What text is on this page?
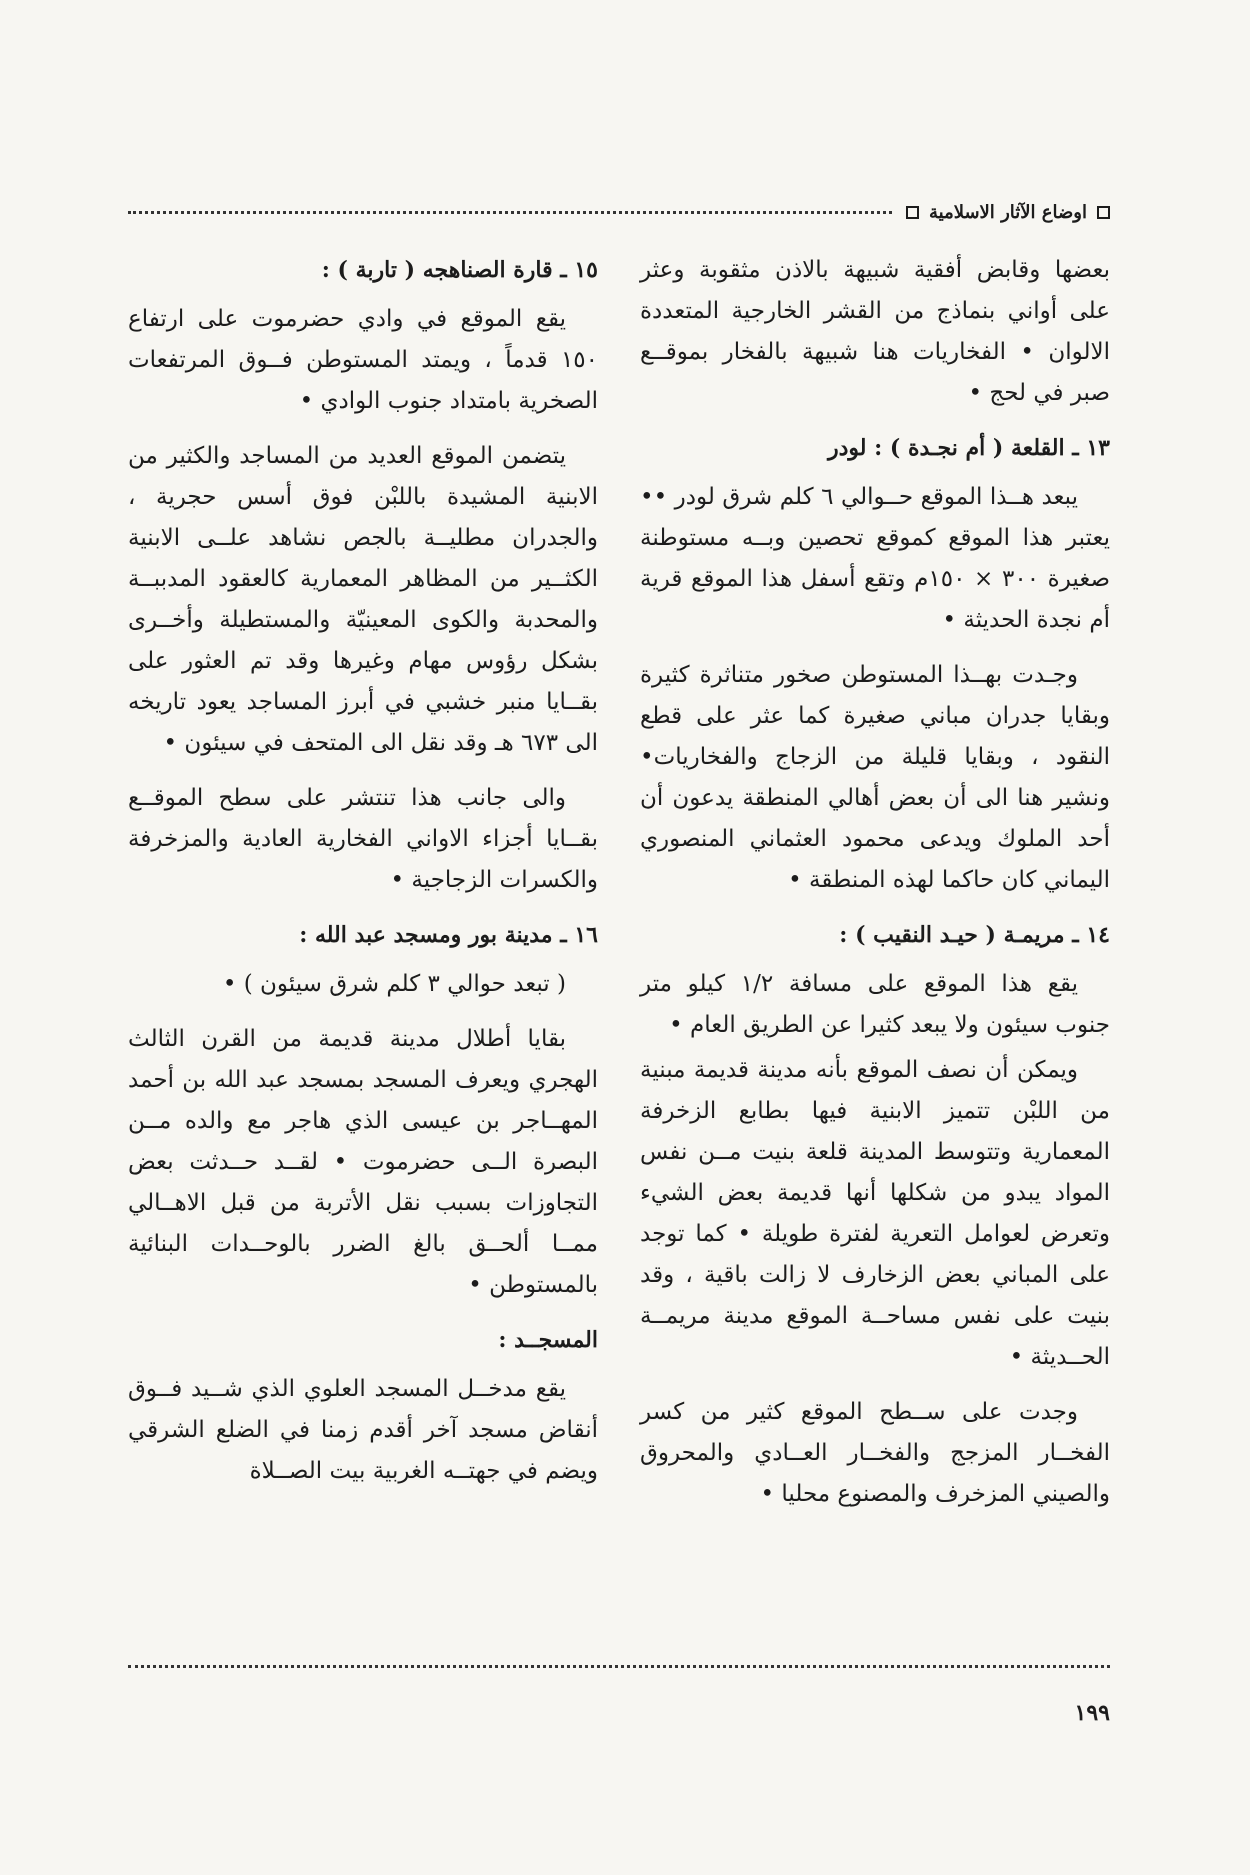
اوضاع الآثار الاسلامية

بعضها وقابض أفقية شبيهة بالاذن مثقوبة وعثر على أواني بنماذج من القشر الخارجية المتعددة الالوان • الفخاريات هنا شبيهة بالفخار بموقــع صبر في لحج •

١٣ ـ القلعة ( أم نجـدة ) : لودر

يبعد هــذا الموقع حــوالي ٦ كلم شرق لودر •• يعتبر هذا الموقع كموقع تحصين وبــه مستوطنة صغيرة ٣٠٠ × ١٥٠م وتقع أسفل هذا الموقع قرية أم نجدة الحديثة •

وجـدت بهــذا المستوطن صخور متناثرة كثيرة وبقايا جدران مباني صغيرة كما عثر على قطع النقود ، وبقايا قليلة من الزجاج والفخاريات• ونشير هنا الى أن بعض أهالي المنطقة يدعون أن أحد الملوك ويدعى محمود العثماني المنصوري اليماني كان حاكما لهذه المنطقة •

١٤ ـ مريمـة ( حيـد النقيب ) :

يقع هذا الموقع على مسافة ١/٢ كيلو متر جنوب سيئون ولا يبعد كثيرا عن الطريق العام •

ويمكن أن نصف الموقع بأنه مدينة قديمة مبنية من اللبْن تتميز الابنية فيها بطابع الزخرفة المعمارية وتتوسط المدينة قلعة بنيت مــن نفس المواد يبدو من شكلها أنها قديمة بعض الشيء وتعرض لعوامل التعرية لفترة طويلة • كما توجد على المباني بعض الزخارف لا زالت باقية ، وقد بنيت على نفس مساحــة الموقع مدينة مريمــة الحــديثة •

وجدت على ســطح الموقع كثير من كسر الفخــار المزجج والفخــار العــادي والمحروق والصيني المزخرف والمصنوع محليا •

١٥ ـ قارة الصناهجه ( تاربة ) :

يقع الموقع في وادي حضرموت على ارتفاع ١٥٠ قدماً ، ويمتد المستوطن فــوق المرتفعات الصخرية بامتداد جنوب الوادي •

يتضمن الموقع العديد من المساجد والكثير من الابنية المشيدة باللبْن فوق أسس حجرية ، والجدران مطليــة بالجص نشاهد علــى الابنية الكثــير من المظاهر المعمارية كالعقود المدببــة والمحدبة والكوى المعينيّة والمستطيلة وأخــرى بشكل رؤوس مهام وغيرها وقد تم العثور على بقــايا منبر خشبي في أبرز المساجد يعود تاريخه الى ٦٧٣ هـ وقد نقل الى المتحف في سيئون •

والى جانب هذا تنتشر على سطح الموقــع بقــايا أجزاء الاواني الفخارية العادية والمزخرفة والكسرات الزجاجية •

١٦ ـ مدينة بور ومسجد عبد الله :

( تبعد حوالي ٣ كلم شرق سيئون ) •

بقايا أطلال مدينة قديمة من القرن الثالث الهجري ويعرف المسجد بمسجد عبد الله بن أحمد المهــاجر بن عيسى الذي هاجر مع والده مــن البصرة الــى حضرموت • لقــد حــدثت بعض التجاوزات بسبب نقل الأتربة من قبل الاهــالي ممــا ألحــق بالغ الضرر بالوحــدات البنائية بالمستوطن •

المسجــد :

يقع مدخــل المسجد العلوي الذي شــيد فــوق أنقاض مسجد آخر أقدم زمنا في الضلع الشرقي ويضم في جهتــه الغربية بيت الصــلاة

١٩٩
